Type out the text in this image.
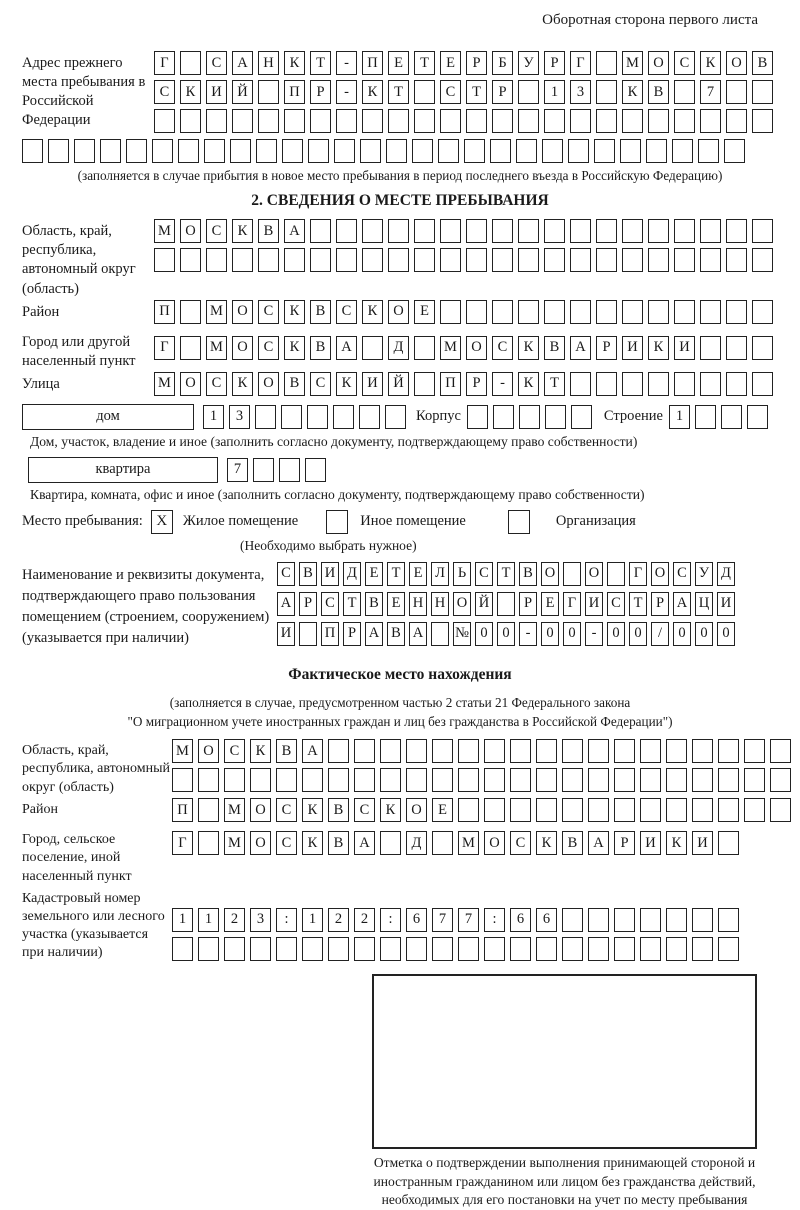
Оборотная сторона первого листа
Адрес прежнего места пребывания в Российской Федерации
Г	С	А	Н	К	Т	-	П	Е	Т	Е	Р	Б	У	Р	Г	М О	С	К	О	В
С	К	И	Й	П	Р	-	К	Т	С	Т	Р	1	3	К	В	7
(заполняется в случае прибытия в новое место пребывания в период последнего въезда в Российскую Федерацию)
2. СВЕДЕНИЯ О МЕСТЕ ПРЕБЫВАНИЯ
Область, край, республика, автономный округ (область)
М О	С	К	В	А
Район	П	М О	С	К	В	С	К	О	Е
Город или другой населенный пункт
Г	М О	С	К	В	А	Д	М О	С	К	В	А	Р	И	К	И
Улица	М О	С	К	О	В	С	К	И	Й	П	Р	-	К	Т
дом	1	3	Корпус	Строение 1
Дом, участок, владение и иное (заполнить согласно документу, подтверждающему право собственности)
квартира	7
Квартира, комната, офис и иное (заполнить согласно документу, подтверждающему право собственности)
Место пребывания: X	Жилое помещение	Иное помещение	Организация
(Необходимо выбрать нужное)
Наименование и реквизиты документа, подтверждающего право пользования помещением (строением, сооружением) (указывается при наличии)
С В И Д Е Т Е Л Ь С Т В О О	Г О С У Д
А Р С Т В Е Н Н О Й	Р Е Г И С Т Р А Ц И
И П Р А В А № 0	0	-	0	0	-	0	0	/	0	0	0
Фактическое место нахождения
(заполняется в случае, предусмотренном частью 2 статьи 21 Федерального закона
"О миграционном учете иностранных граждан и лиц без гражданства в Российской Федерации")
Область, край, республика, автономный округ (область)
М О	С	К	В	А
Район	П	М О	С	К	В	С	К	О	Е
Город, сельское поселение, иной населенный пункт
Г	М О	С	К	В	А	Д	М О	С	К	В	А	Р	И	К	И
Кадастровый номер земельного или лесного участка (указывается при наличии)
1	1	2	3	:	1	2	2	:	6	7	7	:	6	6
Отметка о подтверждении выполнения принимающей стороной и иностранным гражданином или лицом без гражданства действий, необходимых для его постановки на учет по месту пребывания
